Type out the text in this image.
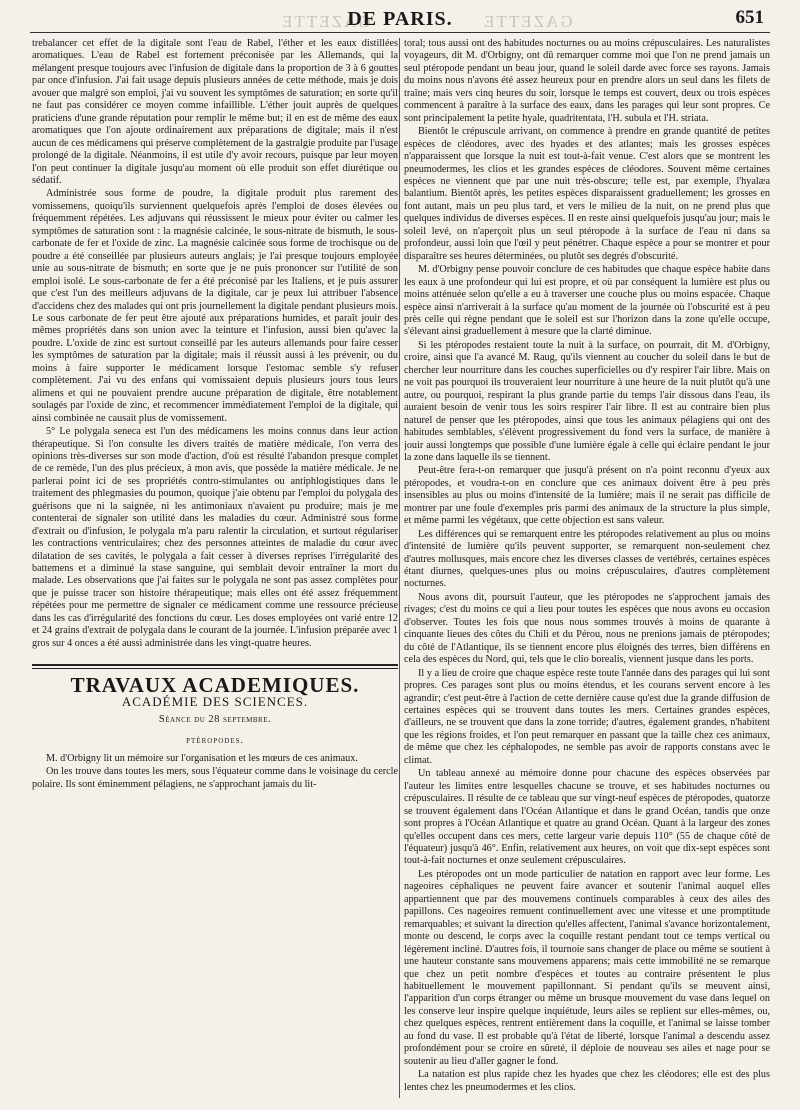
GAZETTE	GAZETTE
DE PARIS.	651

trebalancer cet effet de la digitale sont l'eau de Rabel, l'éther et les eaux distillées aromatiques. L'eau de Rabel est fortement préconisée par les Allemands, qui la mélangent presque toujours avec l'infusion de digitale dans la proportion de 3 à 6 gouttes par once d'infusion. J'ai fait usage depuis plusieurs années de cette méthode, mais je dois avouer que malgré son emploi, j'ai vu souvent les symptômes de saturation; en sorte qu'il ne faut pas considérer ce moyen comme infaillible. L'éther jouit auprès de quelques praticiens d'une grande réputation pour remplir le même but; il en est de même des eaux aromatiques que l'on ajoute ordinairement aux préparations de digitale; mais il n'est aucun de ces médicamens qui préserve complètement de la gastralgie produite par l'usage prolongé de la digitale. Néanmoins, il est utile d'y avoir recours, puisque par leur moyen l'on peut continuer la digitale jusqu'au moment où elle produit son effet diurétique ou sédatif.

Administrée sous forme de poudre, la digitale produit plus rarement des vomissemens, quoiqu'ils surviennent quelquefois après l'emploi de doses élevées ou fréquemment répétées. Les adjuvans qui réussissent le mieux pour éviter ou calmer les symptômes de saturation sont : la magnésie calcinée, le sous-nitrate de bismuth, le sous-carbonate de fer et l'oxide de zinc. La magnésie calcinée sous forme de trochisque ou de poudre a été conseillée par plusieurs auteurs anglais; je l'ai presque toujours employée unie au sous-nitrate de bismuth; en sorte que je ne puis prononcer sur l'utilité de son emploi isolé. Le sous-carbonate de fer a été préconisé par les Italiens, et je puis assurer que c'est l'un des meilleurs adjuvans de la digitale, car je peux lui attribuer l'absence d'accidens chez des malades qui ont pris journellement la digitale pendant plusieurs mois. Le sous carbonate de fer peut être ajouté aux préparations humides, et paraît jouir des mêmes propriétés dans son union avec la teinture et l'infusion, aussi bien qu'avec la poudre. L'oxide de zinc est surtout conseillé par les auteurs allemands pour faire cesser les symptômes de saturation par la digitale; mais il réussit aussi à les prévenir, ou du moins à faire supporter le médicament lorsque l'estomac semble s'y refuser complètement. J'ai vu des enfans qui vomissaient depuis plusieurs jours tous leurs alimens et qui ne pouvaient prendre aucune préparation de digitale, être notablement soulagés par l'oxide de zinc, et recommencer immédiatement l'emploi de la digitale, qui ainsi combinée ne causait plus de vomissement.

5° Le polygala seneca est l'un des médicamens les moins connus dans leur action thérapeutique. Si l'on consulte les divers traités de matière médicale, l'on verra des opinions très-diverses sur son mode d'action, d'où est résulté l'abandon presque complet de ce remède, l'un des plus précieux, à mon avis, que possède la matière médicale. Je ne parlerai point ici de ses propriétés contro-stimulantes ou antiphlogistiques dans le traitement des phlegmasies du poumon, quoique j'aie obtenu par l'emploi du polygala des guérisons que ni la saignée, ni les antimoniaux n'avaient pu produire; mais je me contenterai de signaler son utilité dans les maladies du cœur. Administré sous forme d'extrait ou d'infusion, le polygala m'a paru ralentir la circulation, et surtout régulariser les contractions ventriculaires; chez des personnes atteintes de maladie du cœur avec dilatation de ses cavités, le polygala a fait cesser à diverses reprises l'irrégularité des battemens et a diminué la stase sanguine, qui semblait devoir entraîner la mort du malade. Les observations que j'ai faites sur le polygala ne sont pas assez complètes pour que je puisse tracer son histoire thérapeutique; mais elles ont été assez fréquemment répétées pour me permettre de signaler ce médicament comme une ressource précieuse dans les cas d'irrégularité des fonctions du cœur. Les doses employées ont varié entre 12 et 24 grains d'extrait de polygala dans le courant de la journée. L'infusion préparée avec 1 gros sur 4 onces a été aussi administrée dans les vingt-quatre heures.

TRAVAUX ACADEMIQUES.
ACADÉMIE DES SCIENCES.
Séance du 28 septembre.
ptéropodes.

M. d'Orbigny lit un mémoire sur l'organisation et les mœurs de ces animaux.

On les trouve dans toutes les mers, sous l'équateur comme dans le voisinage du cercle polaire. Ils sont éminemment pélagiens, ne s'approchant jamais du lit-

toral; tous aussi ont des habitudes nocturnes ou au moins crépusculaires. Les naturalistes voyageurs, dit M. d'Orbigny, ont dû remarquer comme moi que l'on ne prend jamais un seul ptéropode pendant un beau jour, quand le soleil darde avec force ses rayons. Jamais du moins nous n'avons été assez heureux pour en prendre alors un seul dans les filets de traîne; mais vers cinq heures du soir, lorsque le temps est couvert, deux ou trois espèces commencent à paraître à la surface des eaux, dans les parages qui leur sont propres. Ce sont principalement la petite hyale, quadritentata, l'H. subula et l'H. striata.

Bientôt le crépuscule arrivant, on commence à prendre en grande quantité de petites espèces de cléodores, avec des hyades et des atlantes; mais les grosses espèces n'apparaissent que lorsque la nuit est tout-à-fait venue. C'est alors que se montrent les pneumodermes, les clios et les grandes espèces de cléodores. Souvent même certaines espèces ne viennent que par une nuit très-obscure; telle est, par exemple, l'hyalæa balantium. Bientôt après, les petites espèces disparaissent graduellement; les grosses en font autant, mais un peu plus tard, et vers le milieu de la nuit, on ne prend plus que quelques individus de diverses espèces. Il en reste ainsi quelquefois jusqu'au jour; mais le soleil levé, on n'aperçoit plus un seul ptéropode à la surface de l'eau ni dans sa profondeur, aussi loin que l'œil y peut pénétrer. Chaque espèce a pour se montrer et pour disparaître ses heures déterminées, ou plutôt ses degrés d'obscurité.

M. d'Orbigny pense pouvoir conclure de ces habitudes que chaque espèce habite dans les eaux à une profondeur qui lui est propre, et où par conséquent la lumière est plus ou moins atténuée selon qu'elle a eu à traverser une couche plus ou moins espacée. Chaque espèce ainsi n'arriverait à la surface qu'au moment de la journée où l'obscurité est à peu près celle qui règne pendant que le soleil est sur l'horizon dans la zone qu'elle occupe, s'élevant ainsi graduellement à mesure que la clarté diminue.

Si les ptéropodes restaient toute la nuit à la surface, on pourrait, dit M. d'Orbigny, croire, ainsi que l'a avancé M. Raug, qu'ils viennent au coucher du soleil dans le but de chercher leur nourriture dans les couches superficielles ou d'y respirer l'air libre. Mais on ne voit pas pourquoi ils trouveraient leur nourriture à une heure de la nuit plutôt qu'à une autre, ou pourquoi, respirant la plus grande partie du temps l'air dissous dans l'eau, ils auraient besoin de venir tous les soirs respirer l'air libre. Il est au contraire bien plus naturel de penser que les ptéropodes, ainsi que tous les animaux pélagiens qui ont des habitudes semblables, s'élèvent progressivement du fond vers la surface, de manière à jouir aussi longtemps que possible d'une lumière égale à celle qui éclaire pendant le jour la zone dans laquelle ils se tiennent.

Peut-être fera-t-on remarquer que jusqu'à présent on n'a point reconnu d'yeux aux ptéropodes, et voudra-t-on en conclure que ces animaux doivent être à peu près insensibles au plus ou moins d'intensité de la lumière; mais il ne serait pas difficile de montrer par une foule d'exemples pris parmi des animaux de la structure la plus simple, et même parmi les végétaux, que cette objection est sans valeur.

Les différences qui se remarquent entre les ptéropodes relativement au plus ou moins d'intensité de lumière qu'ils peuvent supporter, se remarquent non-seulement chez d'autres mollusques, mais encore chez les diverses classes de vertébrés, certaines espèces étant diurnes, quelques-unes plus ou moins crépusculaires, d'autres complètement nocturnes.

Nous avons dit, poursuit l'auteur, que les ptéropodes ne s'approchent jamais des rivages; c'est du moins ce qui a lieu pour toutes les espèces que nous avons eu occasion d'observer. Toutes les fois que nous nous sommes trouvés à moins de quarante à cinquante lieues des côtes du Chili et du Pérou, nous ne prenions jamais de ptéropodes; du côté de l'Atlantique, ils se tiennent encore plus éloignés des terres, bien différens en cela des espèces du Nord, qui, tels que le clio borealis, viennent jusque dans les ports.

Il y a lieu de croire que chaque espèce reste toute l'année dans des parages qui lui sont propres. Ces parages sont plus ou moins étendus, et les courans servent encore à les agrandir; c'est peut-être à l'action de cette dernière cause qu'est due la grande diffusion de certaines espèces qui se trouvent dans toutes les mers. Certaines grandes espèces, d'ailleurs, ne se trouvent que dans la zone torride; d'autres, également grandes, n'habitent que les régions froides, et l'on peut remarquer en passant que la taille chez ces animaux, de même que chez les céphalopodes, ne semble pas avoir de rapports constans avec le climat.

Un tableau annexé au mémoire donne pour chacune des espèces observées par l'auteur les limites entre lesquelles chacune se trouve, et ses habitudes nocturnes ou crépusculaires. Il résulte de ce tableau que sur vingt-neuf espèces de ptéropodes, quatorze se trouvent également dans l'Océan Atlantique et dans le grand Océan, tandis que onze sont propres à l'Océan Atlantique et quatre au grand Océan. Quant à la largeur des zones qu'elles occupent dans ces mers, cette largeur varie depuis 110° (55 de chaque côté de l'équateur) jusqu'à 46°. Enfin, relativement aux heures, on voit que dix-sept espèces sont tout-à-fait nocturnes et onze seulement crépusculaires.

Les ptéropodes ont un mode particulier de natation en rapport avec leur forme. Les nageoires céphaliques ne peuvent faire avancer et soutenir l'animal auquel elles appartiennent que par des mouvemens continuels comparables à ceux des ailes des papillons. Ces nageoires remuent continuellement avec une vitesse et une promptitude remarquables; et suivant la direction qu'elles affectent, l'animal s'avance horizontalement, monte ou descend, le corps avec la coquille restant pendant tout ce temps vertical ou légèrement incliné. D'autres fois, il tournoie sans changer de place ou même se soutient à une hauteur constante sans mouvemens apparens; mais cette immobilité ne se remarque que chez un petit nombre d'espèces et toutes au contraire présentent le plus habituellement le mouvement papillonnant. Si pendant qu'ils se meuvent ainsi, l'apparition d'un corps étranger ou même un brusque mouvement du vase dans lequel on les conserve leur inspire quelque inquiétude, leurs ailes se replient sur elles-mêmes, ou, chez quelques espèces, rentrent entièrement dans la coquille, et l'animal se laisse tomber au fond du vase. Il est probable qu'à l'état de liberté, lorsque l'animal a descendu assez profondément pour se croire en sûreté, il déploie de nouveau ses ailes et nage pour se soutenir au lieu d'aller gagner le fond.

La natation est plus rapide chez les hyades que chez les cléodores; elle est des plus lentes chez les pneumodermes et les clios.
